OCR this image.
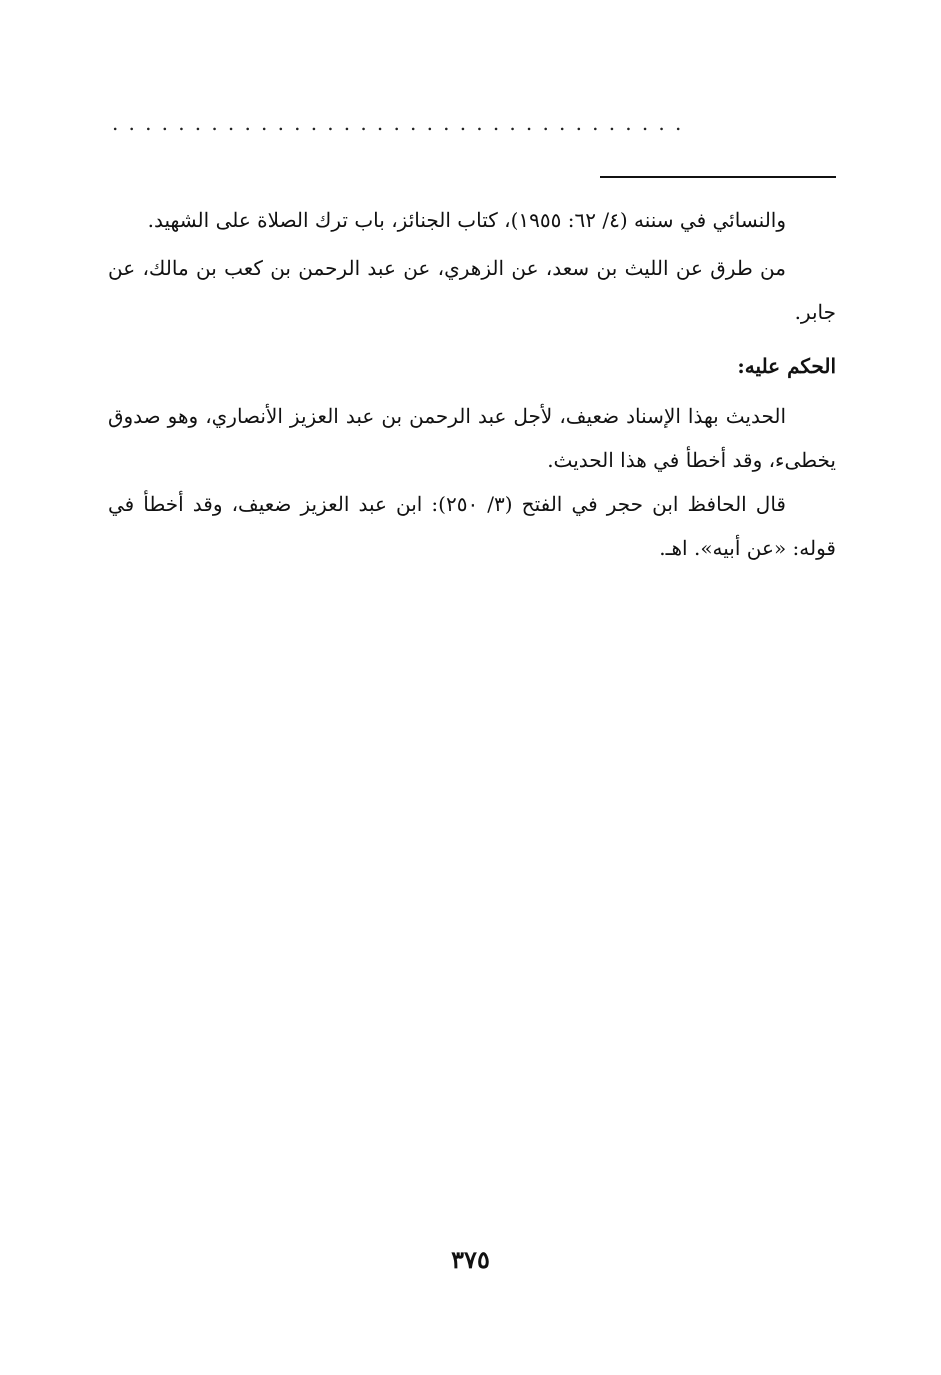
...................................

والنسائي في سننه (٤/ ٦٢: ١٩٥٥)، كتاب الجنائز، باب ترك الصلاة على الشهيد.

من طرق عن الليث بن سعد، عن الزهري، عن عبد الرحمن بن كعب بن مالك، عن جابر.

الحكم عليه:

الحديث بهذا الإسناد ضعيف، لأجل عبد الرحمن بن عبد العزيز الأنصاري، وهو صدوق يخطىء، وقد أخطأ في هذا الحديث.

قال الحافظ ابن حجر في الفتح (٣/ ٢٥٠): ابن عبد العزيز ضعيف، وقد أخطأ في قوله: «عن أبيه». اهـ.

٣٧٥
